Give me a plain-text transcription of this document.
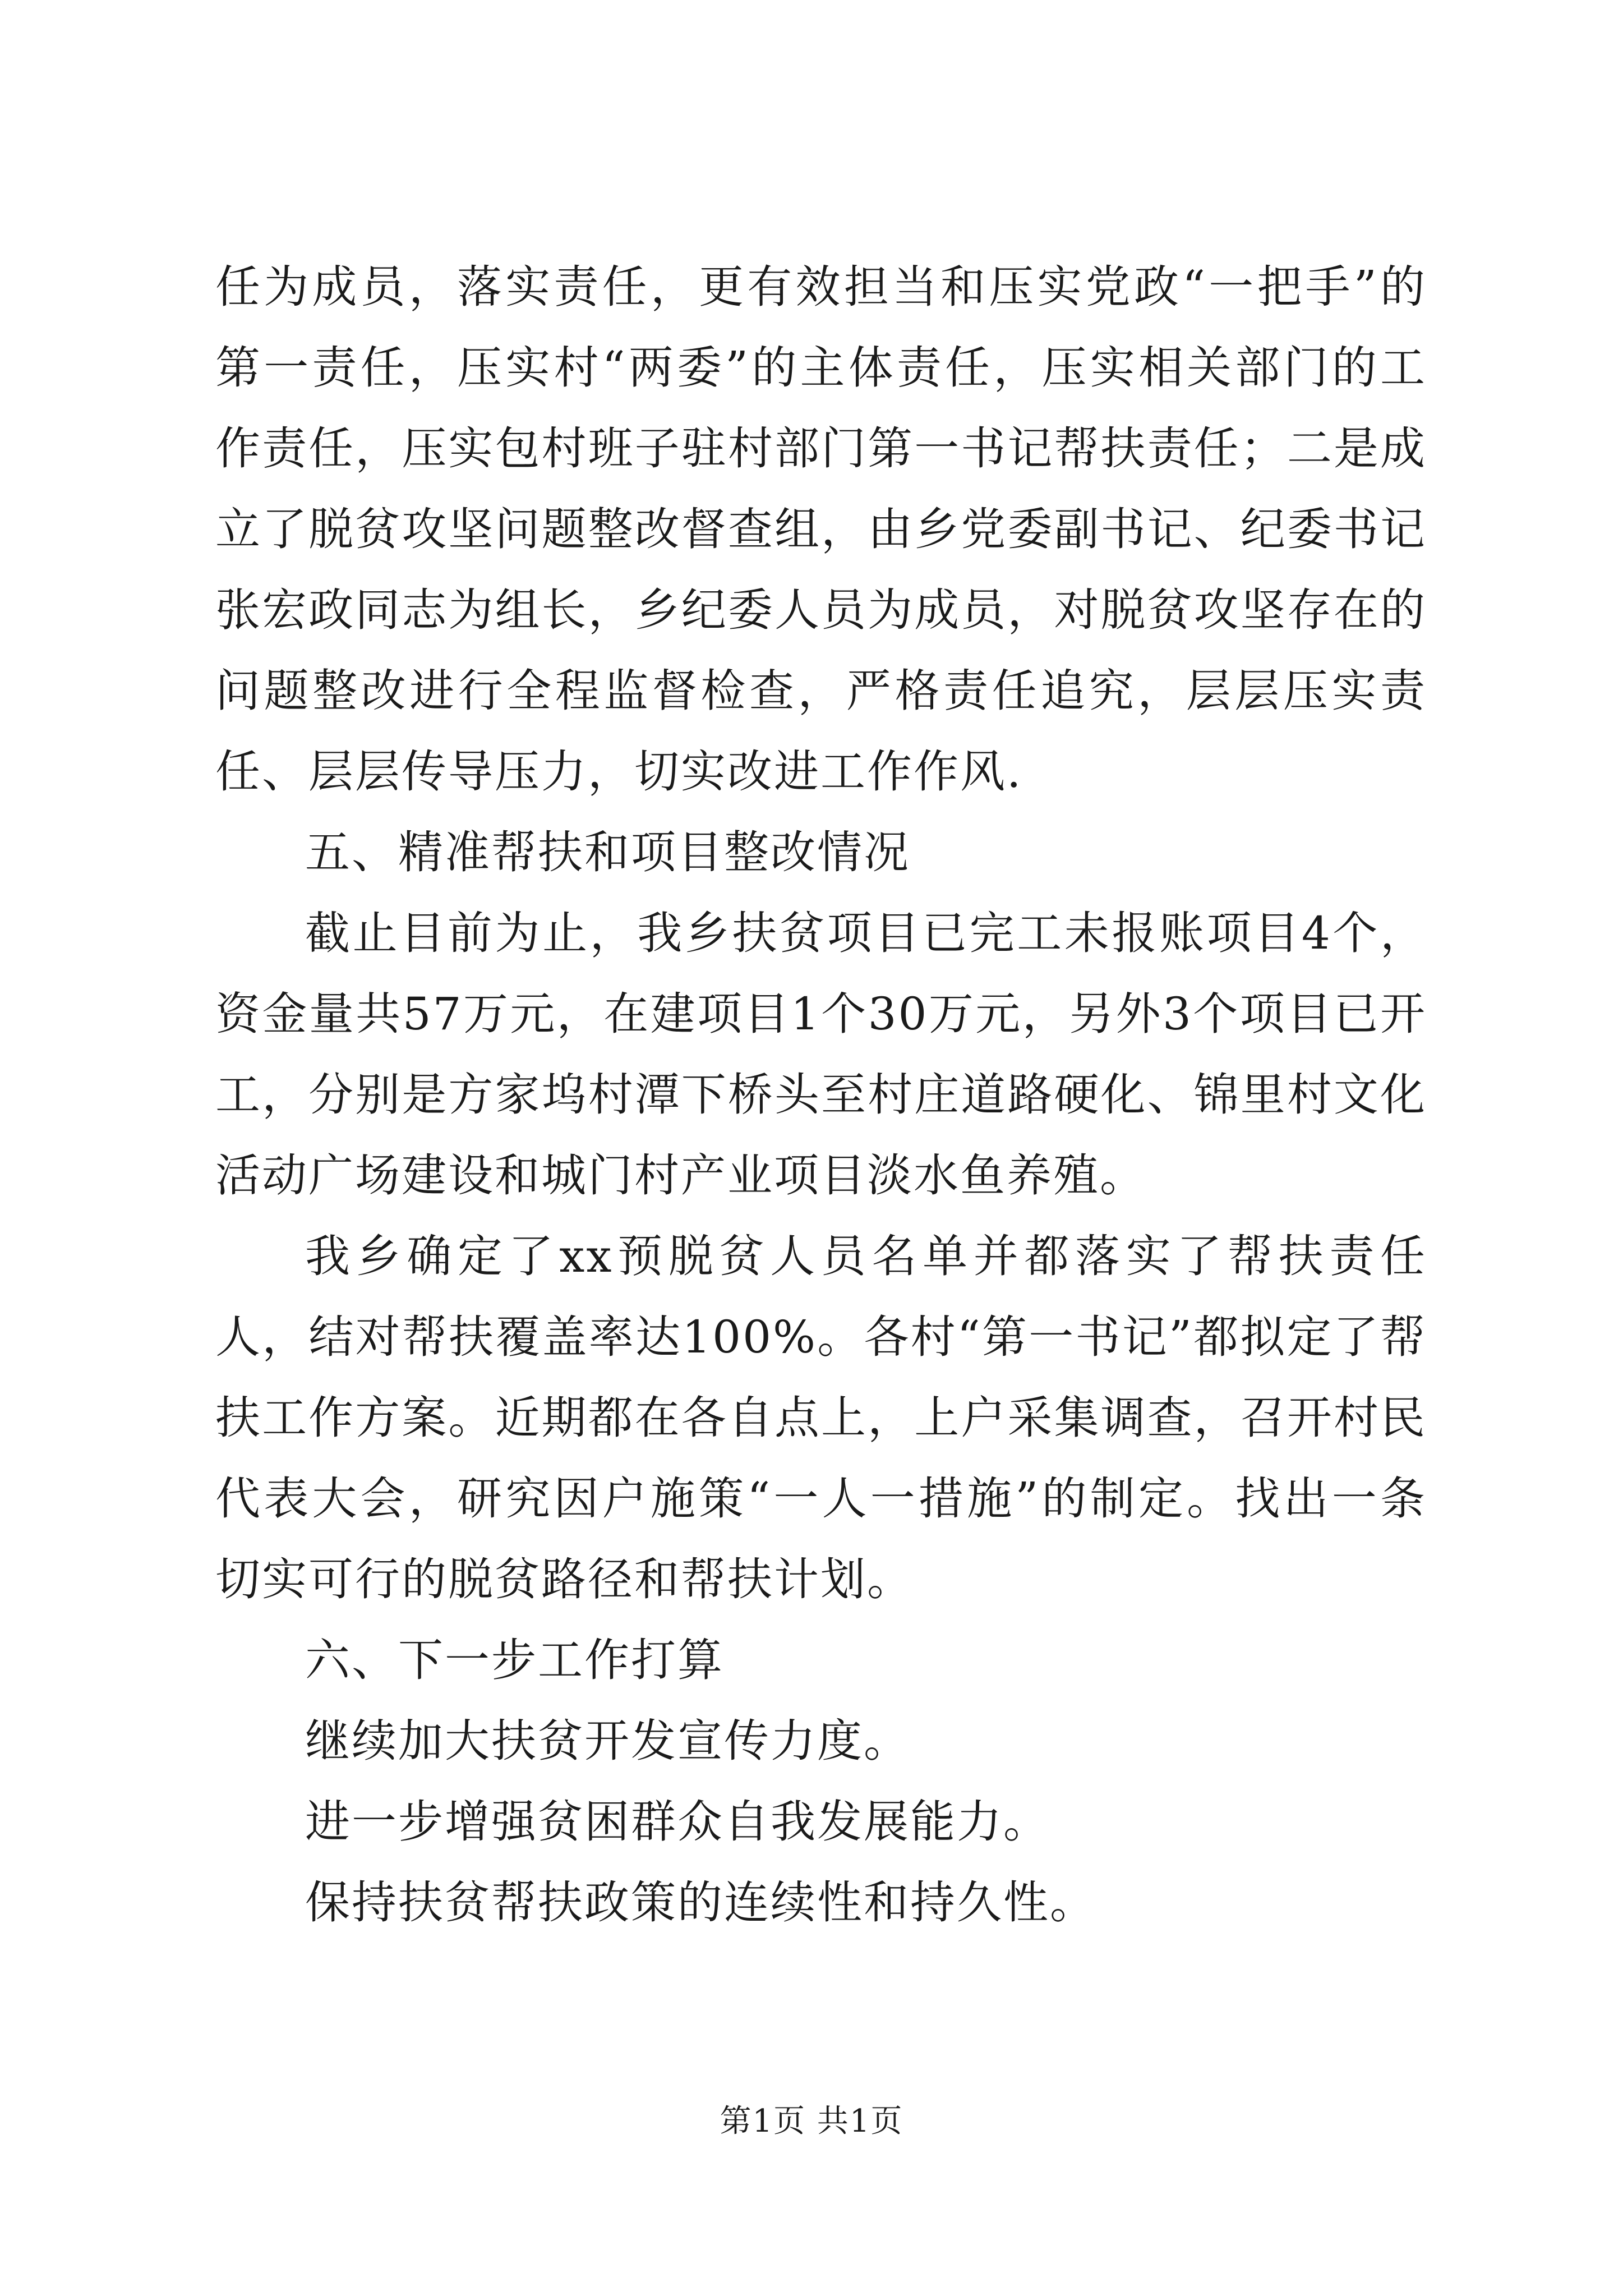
任为成员，落实责任，更有效担当和压实党政“一把手”的第一责任，压实村“两委”的主体责任，压实相关部门的工作责任，压实包村班子驻村部门第一书记帮扶责任；二是成立了脱贫攻坚问题整改督查组，由乡党委副书记、纪委书记张宏政同志为组长，乡纪委人员为成员，对脱贫攻坚存在的问题整改进行全程监督检查，严格责任追究，层层压实责任、层层传导压力，切实改进工作作风.

五、精准帮扶和项目整改情况

截止目前为止，我乡扶贫项目已完工未报账项目4个，资金量共57万元，在建项目1个30万元，另外3个项目已开工，分别是方家坞村潭下桥头至村庄道路硬化、锦里村文化活动广场建设和城门村产业项目淡水鱼养殖。

我乡确定了xx预脱贫人员名单并都落实了帮扶责任人，结对帮扶覆盖率达100%。各村“第一书记”都拟定了帮扶工作方案。近期都在各自点上，上户采集调查，召开村民代表大会，研究因户施策“一人一措施”的制定。找出一条切实可行的脱贫路径和帮扶计划。

六、下一步工作打算

继续加大扶贫开发宣传力度。

进一步增强贫困群众自我发展能力。

保持扶贫帮扶政策的连续性和持久性。

第1页 共1页
